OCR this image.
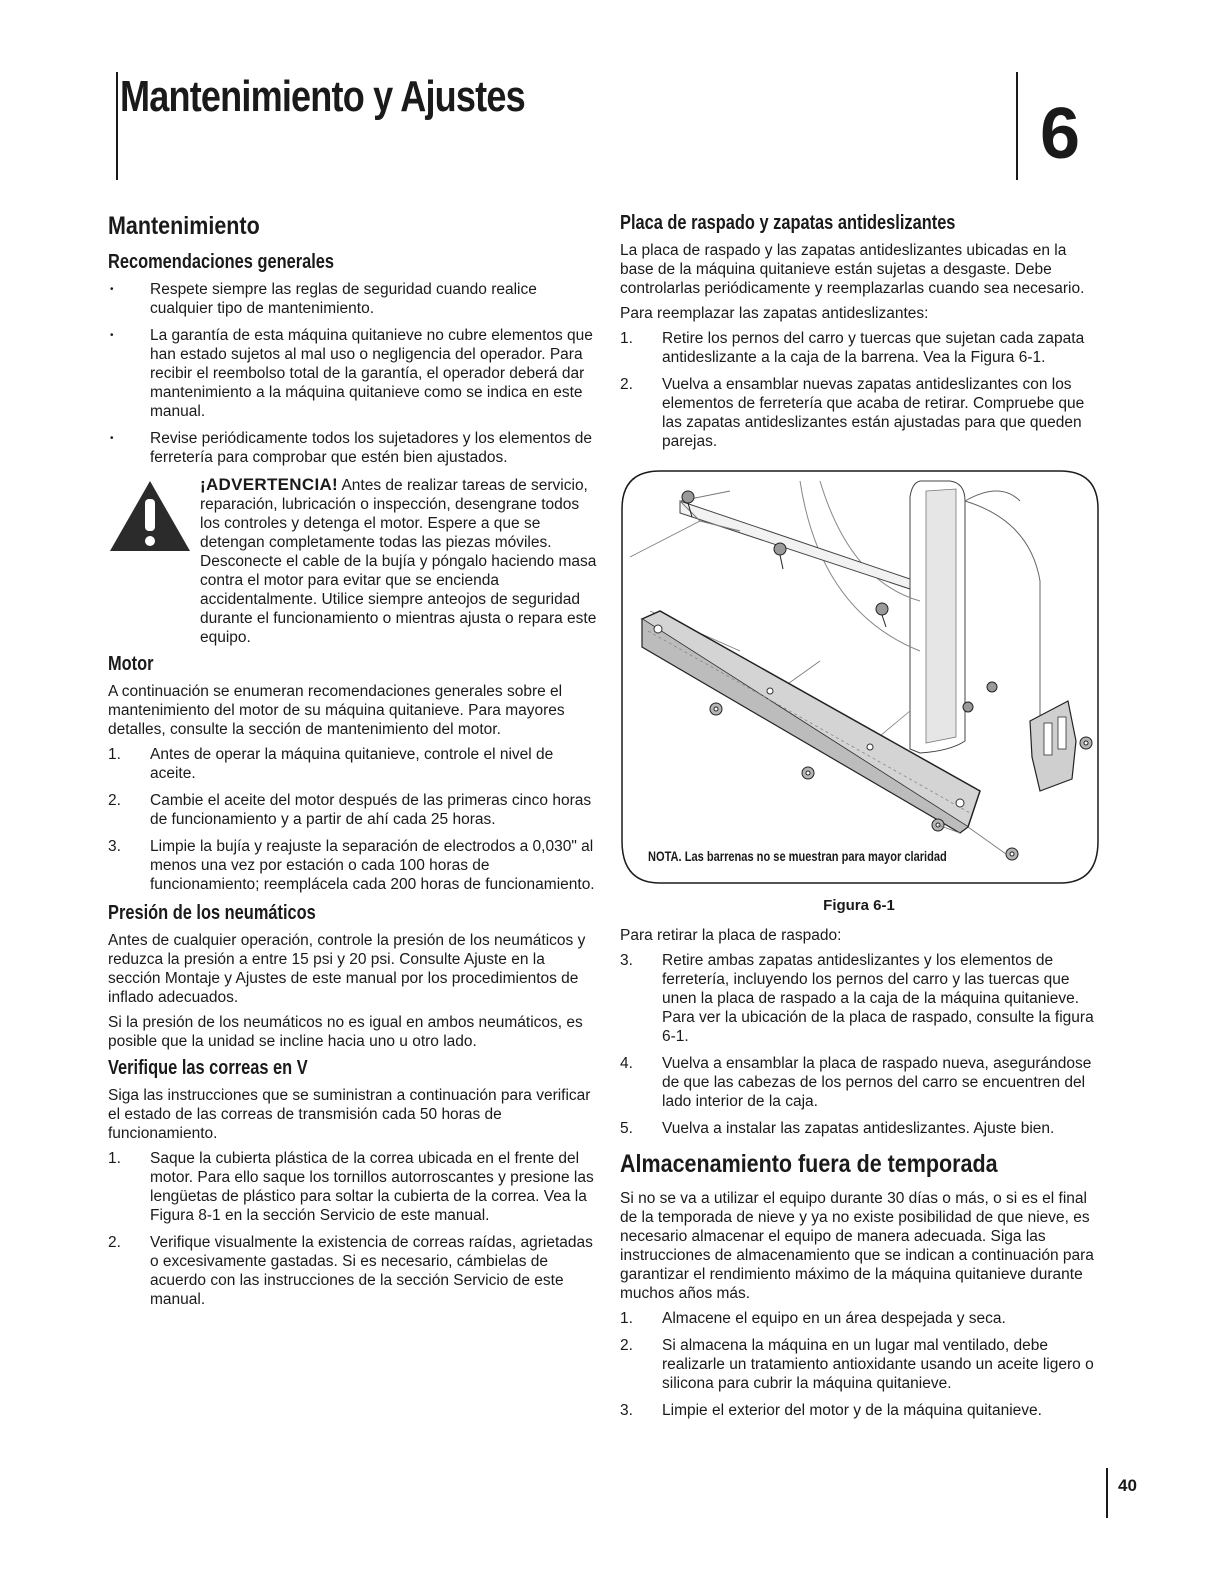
Mantenimiento y Ajustes	6
Mantenimiento
Recomendaciones generales
• Respete siempre las reglas de seguridad cuando realice cualquier tipo de mantenimiento.
• La garantía de esta máquina quitanieve no cubre elementos que han estado sujetos al mal uso o negligencia del operador. Para recibir el reembolso total de la garantía, el operador deberá dar mantenimiento a la máquina quitanieve como se indica en este manual.
• Revise periódicamente todos los sujetadores y los elementos de ferretería para comprobar que estén bien ajustados.

¡ADVERTENCIA! Antes de realizar tareas de servicio, reparación, lubricación o inspección, desengrane todos los controles y detenga el motor. Espere a que se detengan completamente todas las piezas móviles. Desconecte el cable de la bujía y póngalo haciendo masa contra el motor para evitar que se encienda accidentalmente. Utilice siempre anteojos de seguridad durante el funcionamiento o mientras ajusta o repara este equipo.

Motor

A continuación se enumeran recomendaciones generales sobre el mantenimiento del motor de su máquina quitanieve. Para mayores detalles, consulte la sección de mantenimiento del motor.

1. Antes de operar la máquina quitanieve, controle el nivel de aceite.
2. Cambie el aceite del motor después de las primeras cinco horas de funcionamiento y a partir de ahí cada 25 horas.
3. Limpie la bujía y reajuste la separación de electrodos a 0,030" al menos una vez por estación o cada 100 horas de funcionamiento; reemplácela cada 200 horas de funcionamiento.
Presión de los neumáticos

Antes de cualquier operación, controle la presión de los neumáticos y reduzca la presión a entre 15 psi y 20 psi. Consulte Ajuste en la sección Montaje y Ajustes de este manual por los procedimientos de inflado adecuados.

Si la presión de los neumáticos no es igual en ambos neumáticos, es posible que la unidad se incline hacia uno u otro lado.

Verifique las correas en V

Siga las instrucciones que se suministran a continuación para verificar el estado de las correas de transmisión cada 50 horas de funcionamiento.

1. Saque la cubierta plástica de la correa ubicada en el frente del motor. Para ello saque los tornillos autorroscantes y presione las lengüetas de plástico para soltar la cubierta de la correa. Vea la Figura 8-1 en la sección Servicio de este manual.
2. Verifique visualmente la existencia de correas raídas, agrietadas o excesivamente gastadas. Si es necesario, cámbielas de acuerdo con las instrucciones de la sección Servicio de este manual.
Placa de raspado y zapatas antideslizantes

La placa de raspado y las zapatas antideslizantes ubicadas en la base de la máquina quitanieve están sujetas a desgaste. Debe controlarlas periódicamente y reemplazarlas cuando sea necesario.

Para reemplazar las zapatas antideslizantes:

1. Retire los pernos del carro y tuercas que sujetan cada zapata antideslizante a la caja de la barrena. Vea la Figura 6-1.
2. Vuelva a ensamblar nuevas zapatas antideslizantes con los elementos de ferretería que acaba de retirar. Compruebe que las zapatas antideslizantes están ajustadas para que queden parejas.
NOTA. Las barrenas no se muestran para mayor claridad
Figura 6-1

Para retirar la placa de raspado:

3. Retire ambas zapatas antideslizantes y los elementos de ferretería, incluyendo los pernos del carro y las tuercas que unen la placa de raspado a la caja de la máquina quitanieve. Para ver la ubicación de la placa de raspado, consulte la figura 6-1.
4. Vuelva a ensamblar la placa de raspado nueva, asegurándose de que las cabezas de los pernos del carro se encuentren del lado interior de la caja.
5. Vuelva a instalar las zapatas antideslizantes. Ajuste bien.
Almacenamiento fuera de temporada

Si no se va a utilizar el equipo durante 30 días o más, o si es el final de la temporada de nieve y ya no existe posibilidad de que nieve, es necesario almacenar el equipo de manera adecuada. Siga las instrucciones de almacenamiento que se indican a continuación para garantizar el rendimiento máximo de la máquina quitanieve durante muchos años más.

1. Almacene el equipo en un área despejada y seca.
2. Si almacena la máquina en un lugar mal ventilado, debe realizarle un tratamiento antioxidante usando un aceite ligero o silicona para cubrir la máquina quitanieve.
3. Limpie el exterior del motor y de la máquina quitanieve.
40
